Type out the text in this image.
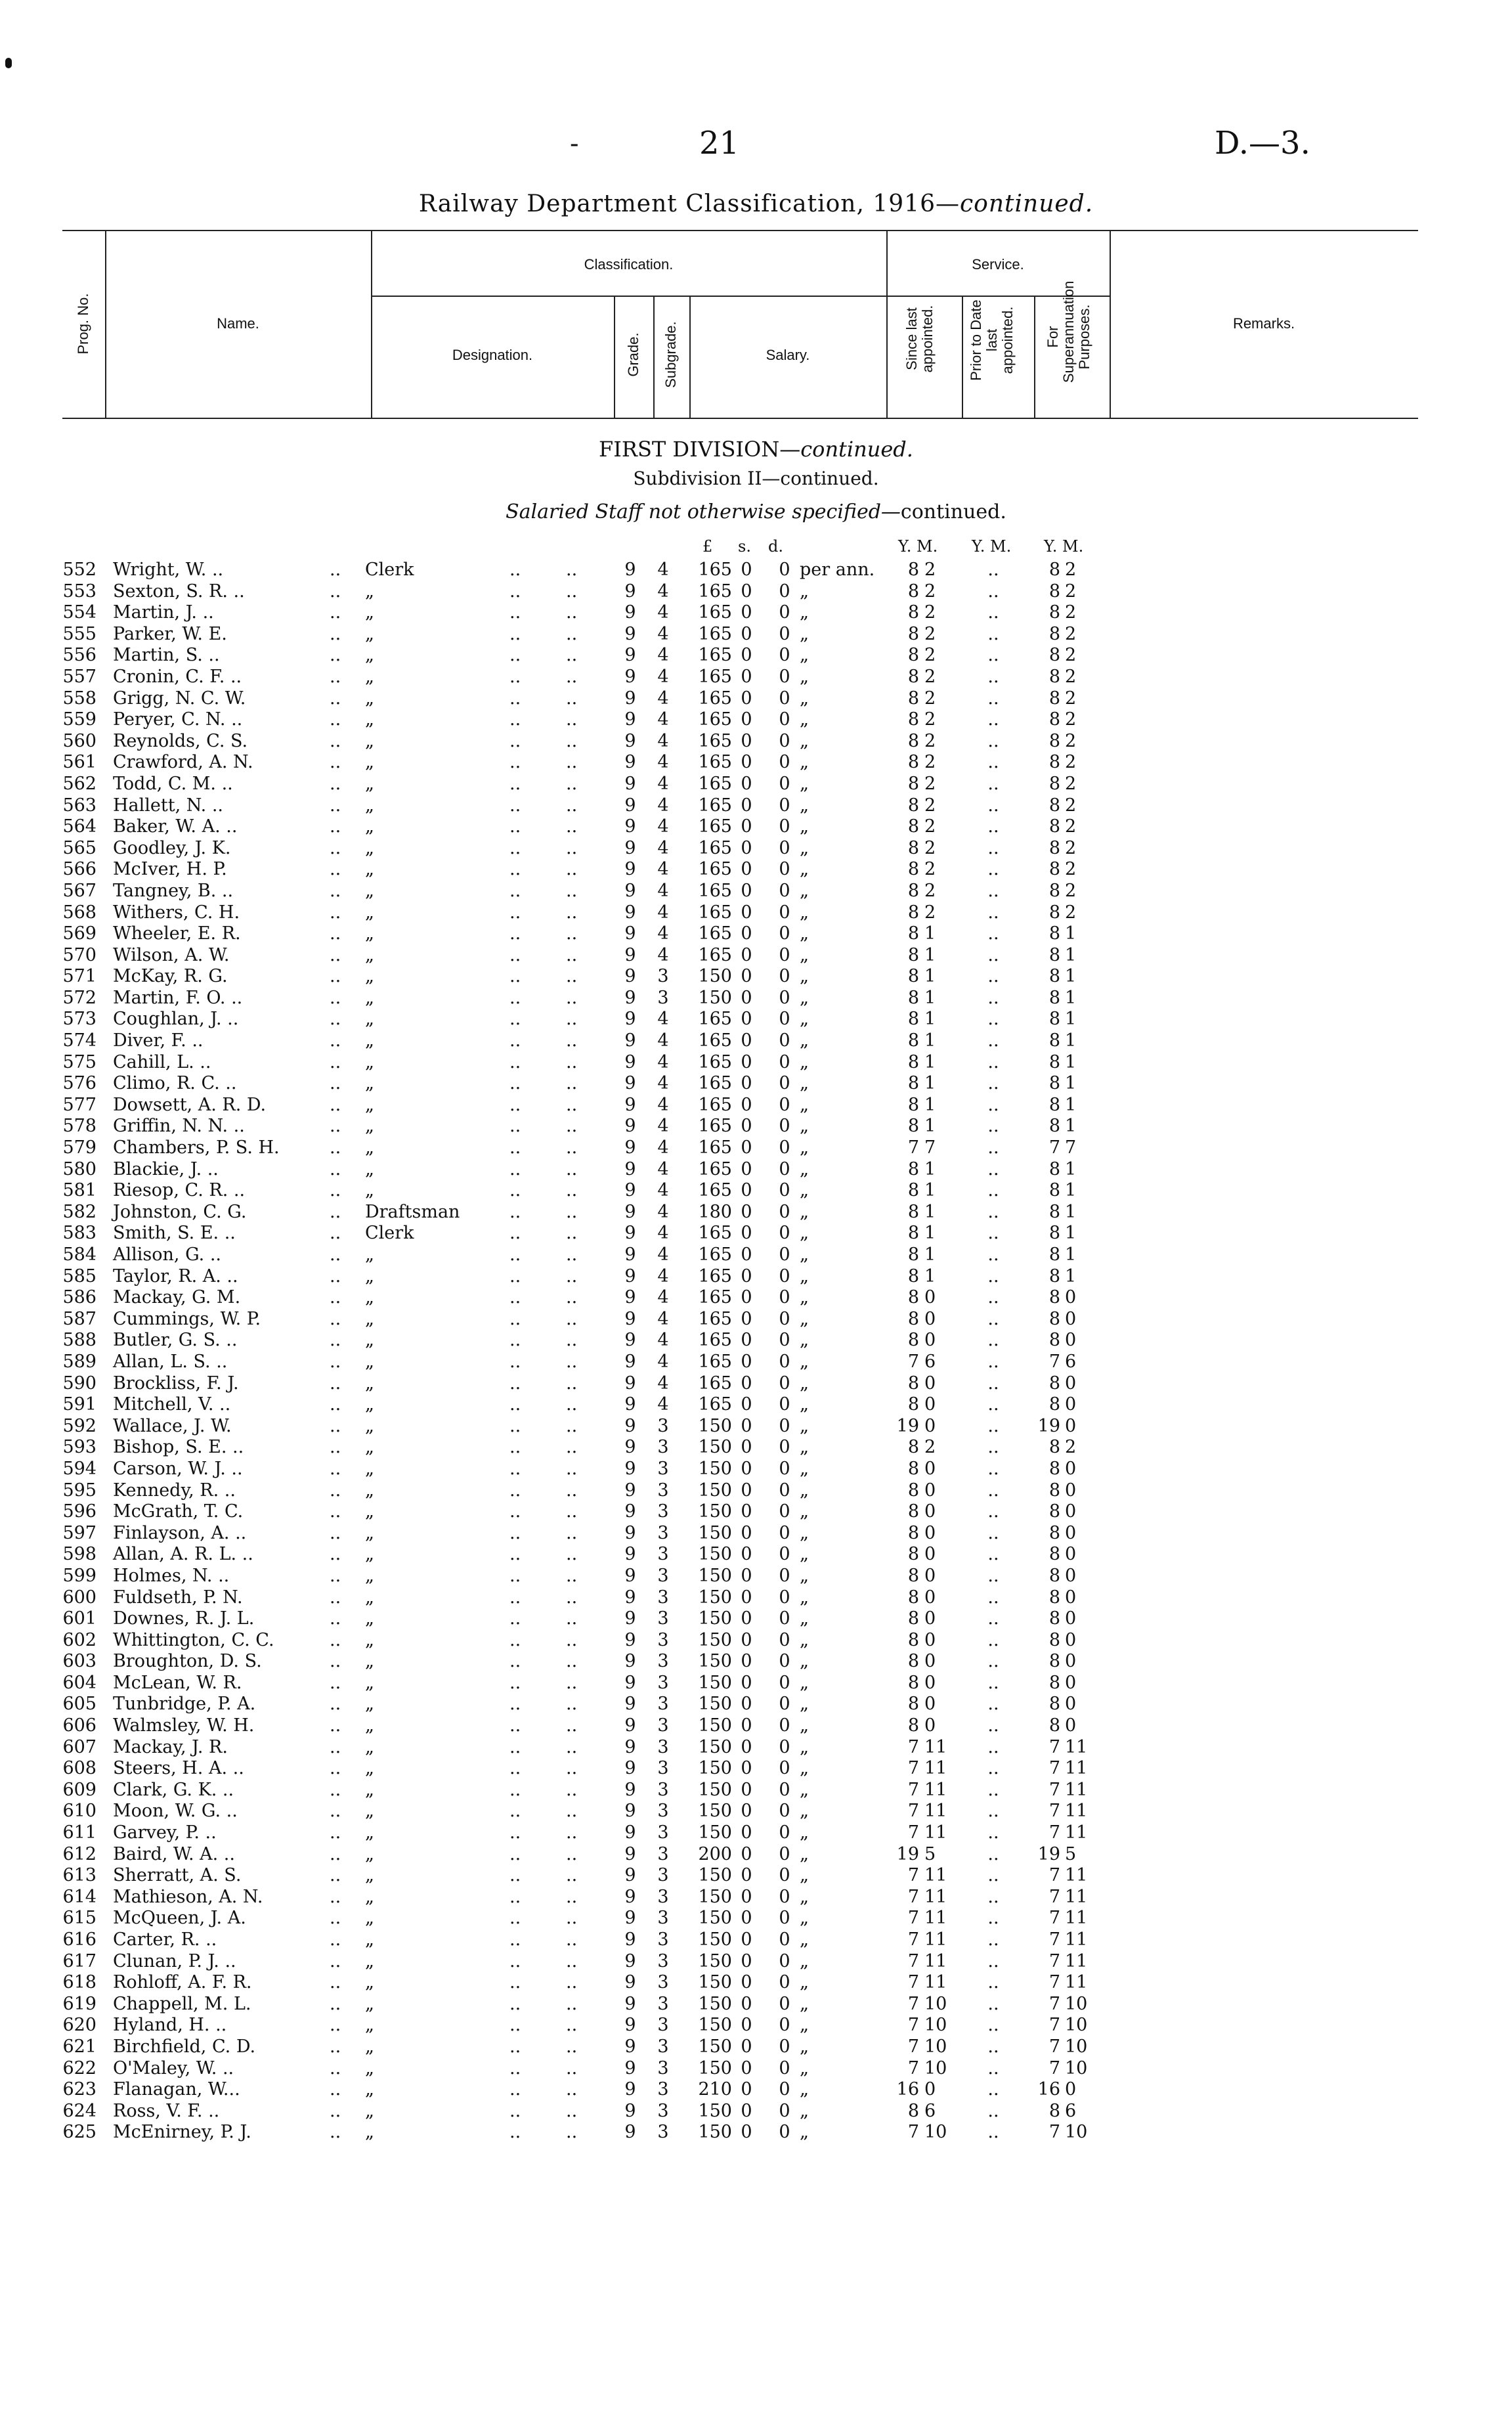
-	21	D.—3.
Railway Department Classification, 1916—continued.
Prog. No.	Name.
Classification.
Designation.	Grade. Subgrade.	Salary.
Service.
Since last appointed. Prior to Date last appointed. For Superannuation Purposes.	Remarks.
FIRST DIVISION—continued.
Subdivision II—continued.
Salaried Staff not otherwise specified—continued.
£ s. d.	Y. M. Y. M. Y. M.
552 Wright, W. ..	.. Clerk	..	..	9	4	165 0 0 per ann.	8 2	..	8 2
553 Sexton, S. R. ..	.. „	..	..	9	4	165 0 0 „	8 2	..	8 2
554 Martin, J. ..	.. „	..	..	9	4	165 0 0 „	8 2	..	8 2
555 Parker, W. E.	.. „	..	..	9	4	165 0 0 „	8 2	..	8 2
556 Martin, S. ..	.. „	..	..	9	4	165 0 0 „	8 2	..	8 2
557 Cronin, C. F. ..	.. „	..	..	9	4	165 0 0 „	8 2	..	8 2
558 Grigg, N. C. W.	.. „	..	..	9	4	165 0 0 „	8 2	..	8 2
559 Peryer, C. N. ..	.. „	..	..	9	4	165 0 0 „	8 2	..	8 2
560 Reynolds, C. S.	.. „	..	..	9	4	165 0 0 „	8 2	..	8 2
561 Crawford, A. N.	.. „	..	..	9	4	165 0 0 „	8 2	..	8 2
562 Todd, C. M. ..	.. „	..	..	9	4	165 0 0 „	8 2	..	8 2
563 Hallett, N. ..	.. „	..	..	9	4	165 0 0 „	8 2	..	8 2
564 Baker, W. A. ..	.. „	..	..	9	4	165 0 0 „	8 2	..	8 2
565 Goodley, J. K.	.. „	..	..	9	4	165 0 0 „	8 2	..	8 2
566 McIver, H. P.	.. „	..	..	9	4	165 0 0 „	8 2	..	8 2
567 Tangney, B. ..	.. „	..	..	9	4	165 0 0 „	8 2	..	8 2
568 Withers, C. H.	.. „	..	..	9	4	165 0 0 „	8 2	..	8 2
569 Wheeler, E. R.	.. „	..	..	9	4	165 0 0 „	8 1	..	8 1
570 Wilson, A. W.	.. „	..	..	9	4	165 0 0 „	8 1	..	8 1
571 McKay, R. G.	.. „	..	..	9	3	150 0 0 „	8 1	..	8 1
572 Martin, F. O. ..	.. „	..	..	9	3	150 0 0 „	8 1	..	8 1
573 Coughlan, J. ..	.. „	..	..	9	4	165 0 0 „	8 1	..	8 1
574 Diver, F. ..	.. „	..	..	9	4	165 0 0 „	8 1	..	8 1
575 Cahill, L. ..	.. „	..	..	9	4	165 0 0 „	8 1	..	8 1
576 Climo, R. C. ..	.. „	..	..	9	4	165 0 0 „	8 1	..	8 1
577 Dowsett, A. R. D.	.. „	..	..	9	4	165 0 0 „	8 1	..	8 1
578 Griffin, N. N. ..	.. „	..	..	9	4	165 0 0 „	8 1	..	8 1
579 Chambers, P. S. H.	.. „	..	..	9	4	165 0 0 „	7 7	..	7 7
580 Blackie, J. ..	.. „	..	..	9	4	165 0 0 „	8 1	..	8 1
581 Riesop, C. R. ..	.. „	..	..	9	4	165 0 0 „	8 1	..	8 1
582 Johnston, C. G.	.. Draftsman	..	..	9	4	180 0 0 „	8 1	..	8 1
583 Smith, S. E. ..	.. Clerk	..	..	9	4	165 0 0 „	8 1	..	8 1
584 Allison, G. ..	.. „	..	..	9	4	165 0 0 „	8 1	..	8 1
585 Taylor, R. A. ..	.. „	..	..	9	4	165 0 0 „	8 1	..	8 1
586 Mackay, G. M.	.. „	..	..	9	4	165 0 0 „	8 0	..	8 0
587 Cummings, W. P.	.. „	..	..	9	4	165 0 0 „	8 0	..	8 0
588 Butler, G. S. ..	.. „	..	..	9	4	165 0 0 „	8 0	..	8 0
589 Allan, L. S. ..	.. „	..	..	9	4	165 0 0 „	7 6	..	7 6
590 Brockliss, F. J.	.. „	..	..	9	4	165 0 0 „	8 0	..	8 0
591 Mitchell, V. ..	.. „	..	..	9	4	165 0 0 „	8 0	..	8 0
592 Wallace, J. W.	.. „	..	..	9	3	150 0 0 „	19 0	..	19 0
593 Bishop, S. E. ..	.. „	..	..	9	3	150 0 0 „	8 2	..	8 2
594 Carson, W. J. ..	.. „	..	..	9	3	150 0 0 „	8 0	..	8 0
595 Kennedy, R. ..	.. „	..	..	9	3	150 0 0 „	8 0	..	8 0
596 McGrath, T. C.	.. „	..	..	9	3	150 0 0 „	8 0	..	8 0
597 Finlayson, A. ..	.. „	..	..	9	3	150 0 0 „	8 0	..	8 0
598 Allan, A. R. L. ..	.. „	..	..	9	3	150 0 0 „	8 0	..	8 0
599 Holmes, N. ..	.. „	..	..	9	3	150 0 0 „	8 0	..	8 0
600 Fuldseth, P. N.	.. „	..	..	9	3	150 0 0 „	8 0	..	8 0
601 Downes, R. J. L.	.. „	..	..	9	3	150 0 0 „	8 0	..	8 0
602 Whittington, C. C.	.. „	..	..	9	3	150 0 0 „	8 0	..	8 0
603 Broughton, D. S.	.. „	..	..	9	3	150 0 0 „	8 0	..	8 0
604 McLean, W. R.	.. „	..	..	9	3	150 0 0 „	8 0	..	8 0
605 Tunbridge, P. A.	.. „	..	..	9	3	150 0 0 „	8 0	..	8 0
606 Walmsley, W. H.	.. „	..	..	9	3	150 0 0 „	8 0	..	8 0
607 Mackay, J. R.	.. „	..	..	9	3	150 0 0 „	7 11	..	7 11
608 Steers, H. A. ..	.. „	..	..	9	3	150 0 0 „	7 11	..	7 11
609 Clark, G. K. ..	.. „	..	..	9	3	150 0 0 „	7 11	..	7 11
610 Moon, W. G. ..	.. „	..	..	9	3	150 0 0 „	7 11	..	7 11
611 Garvey, P. ..	.. „	..	..	9	3	150 0 0 „	7 11	..	7 11
612 Baird, W. A. ..	.. „	..	..	9	3	200 0 0 „	19 5	..	19 5
613 Sherratt, A. S.	.. „	..	..	9	3	150 0 0 „	7 11	..	7 11
614 Mathieson, A. N.	.. „	..	..	9	3	150 0 0 „	7 11	..	7 11
615 McQueen, J. A.	.. „	..	..	9	3	150 0 0 „	7 11	..	7 11
616 Carter, R. ..	.. „	..	..	9	3	150 0 0 „	7 11	..	7 11
617 Clunan, P. J. ..	.. „	..	..	9	3	150 0 0 „	7 11	..	7 11
618 Rohloff, A. F. R.	.. „	..	..	9	3	150 0 0 „	7 11	..	7 11
619 Chappell, M. L.	.. „	..	..	9	3	150 0 0 „	7 10	..	7 10
620 Hyland, H. ..	.. „	..	..	9	3	150 0 0 „	7 10	..	7 10
621 Birchfield, C. D.	.. „	..	..	9	3	150 0 0 „	7 10	..	7 10
622 O'Maley, W. ..	.. „	..	..	9	3	150 0 0 „	7 10	..	7 10
623 Flanagan, W...	.. „	..	..	9	3	210 0 0 „	16 0	..	16 0
624 Ross, V. F. ..	.. „	..	..	9	3	150 0 0 „	8 6	..	8 6
625 McEnirney, P. J.	.. „	..	..	9	3	150 0 0 „	7 10	..	7 10
